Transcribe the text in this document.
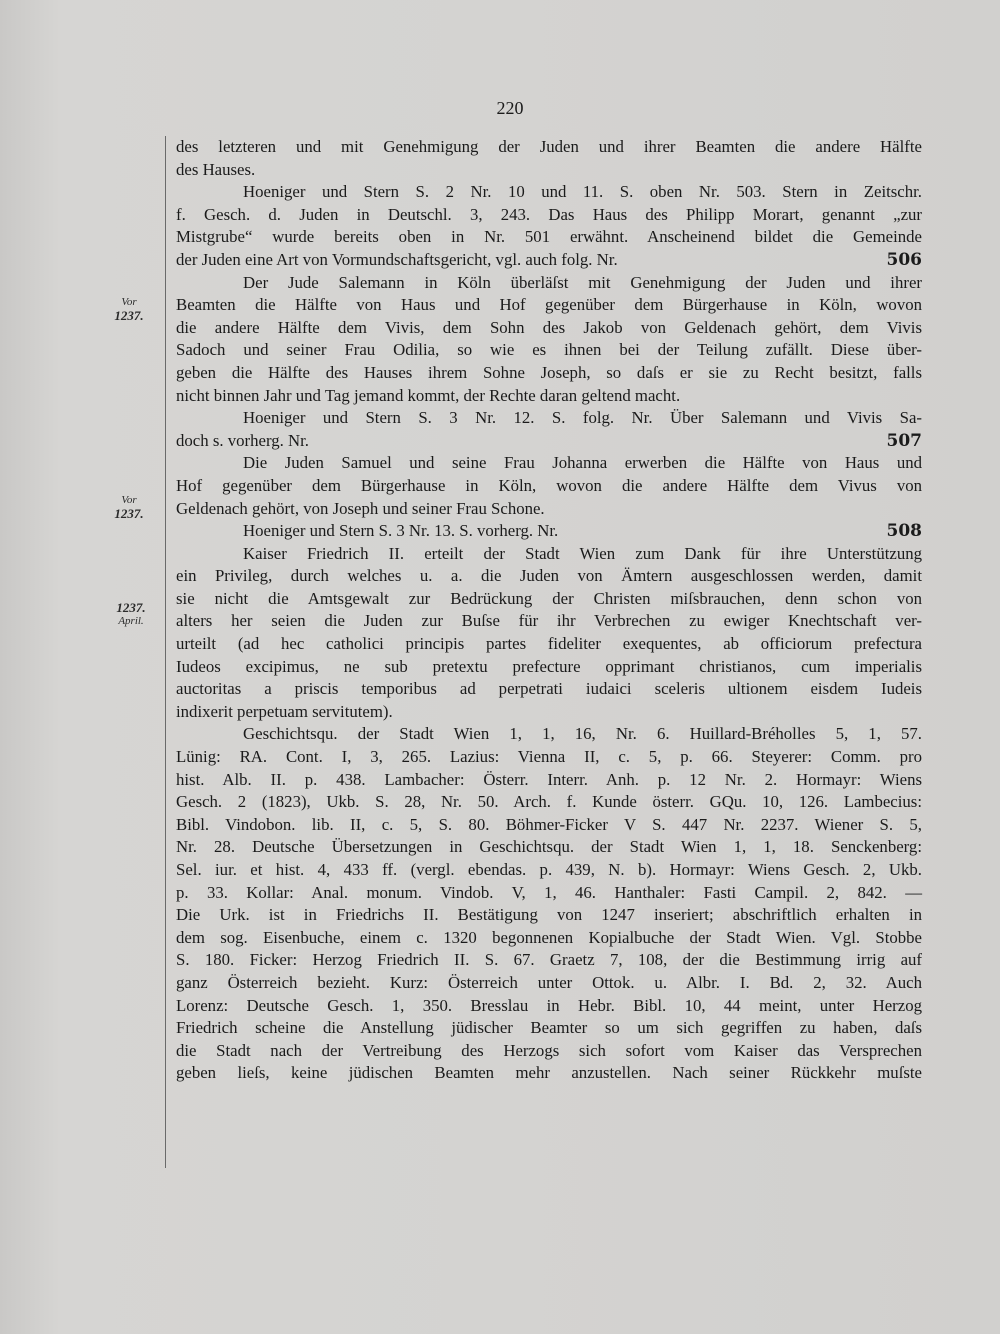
220
Vor
1237.
Vor
1237.
1237.
April.
des letzteren und mit Genehmigung der Juden und ihrer Beamten die andere Hälfte
des Hauses.
Hoeniger und Stern S. 2 Nr. 10 und 11. S. oben Nr. 503. Stern in Zeitschr.
f. Gesch. d. Juden in Deutschl. 3, 243. Das Haus des Philipp Morart, genannt „zur
Mistgrube“ wurde bereits oben in Nr. 501 erwähnt. Anscheinend bildet die Gemeinde
der Juden eine Art von Vormundschaftsgericht, vgl. auch folg. Nr.	506
Der Jude Salemann in Köln überläſst mit Genehmigung der Juden und ihrer
Beamten die Hälfte von Haus und Hof gegenüber dem Bürgerhause in Köln, wovon
die andere Hälfte dem Vivis, dem Sohn des Jakob von Geldenach gehört, dem Vivis
Sadoch und seiner Frau Odilia, so wie es ihnen bei der Teilung zufällt. Diese über-
geben die Hälfte des Hauses ihrem Sohne Joseph, so daſs er sie zu Recht besitzt, falls
nicht binnen Jahr und Tag jemand kommt, der Rechte daran geltend macht.
Hoeniger und Stern S. 3 Nr. 12. S. folg. Nr. Über Salemann und Vivis Sa-
doch s. vorherg. Nr.	507
Die Juden Samuel und seine Frau Johanna erwerben die Hälfte von Haus und
Hof gegenüber dem Bürgerhause in Köln, wovon die andere Hälfte dem Vivus von
Geldenach gehört, von Joseph und seiner Frau Schone.
Hoeniger und Stern S. 3 Nr. 13. S. vorherg. Nr.	508
Kaiser Friedrich II. erteilt der Stadt Wien zum Dank für ihre Unterstützung
ein Privileg, durch welches u. a. die Juden von Ämtern ausgeschlossen werden, damit
sie nicht die Amtsgewalt zur Bedrückung der Christen miſsbrauchen, denn schon von
alters her seien die Juden zur Buſse für ihr Verbrechen zu ewiger Knechtschaft ver-
urteilt (ad hec catholici principis partes fideliter exequentes, ab officiorum prefectura
Iudeos excipimus, ne sub pretextu prefecture opprimant christianos, cum imperialis
auctoritas a priscis temporibus ad perpetrati iudaici sceleris ultionem eisdem Iudeis
indixerit perpetuam servitutem).
Geschichtsqu. der Stadt Wien 1, 1, 16, Nr. 6. Huillard-Bréholles 5, 1, 57.
Lünig: RA. Cont. I, 3, 265. Lazius: Vienna II, c. 5, p. 66. Steyerer: Comm. pro
hist. Alb. II. p. 438. Lambacher: Österr. Interr. Anh. p. 12 Nr. 2. Hormayr: Wiens
Gesch. 2 (1823), Ukb. S. 28, Nr. 50. Arch. f. Kunde österr. GQu. 10, 126. Lambecius:
Bibl. Vindobon. lib. II, c. 5, S. 80. Böhmer-Ficker V S. 447 Nr. 2237. Wiener S. 5,
Nr. 28. Deutsche Übersetzungen in Geschichtsqu. der Stadt Wien 1, 1, 18. Senckenberg:
Sel. iur. et hist. 4, 433 ff. (vergl. ebendas. p. 439, N. b). Hormayr: Wiens Gesch. 2, Ukb.
p. 33. Kollar: Anal. monum. Vindob. V, 1, 46. Hanthaler: Fasti Campil. 2, 842. —
Die Urk. ist in Friedrichs II. Bestätigung von 1247 inseriert; abschriftlich erhalten in
dem sog. Eisenbuche, einem c. 1320 begonnenen Kopialbuche der Stadt Wien. Vgl. Stobbe
S. 180. Ficker: Herzog Friedrich II. S. 67. Graetz 7, 108, der die Bestimmung irrig auf
ganz Österreich bezieht. Kurz: Österreich unter Ottok. u. Albr. I. Bd. 2, 32. Auch
Lorenz: Deutsche Gesch. 1, 350. Bresslau in Hebr. Bibl. 10, 44 meint, unter Herzog
Friedrich scheine die Anstellung jüdischer Beamter so um sich gegriffen zu haben, daſs
die Stadt nach der Vertreibung des Herzogs sich sofort vom Kaiser das Versprechen
geben lieſs, keine jüdischen Beamten mehr anzustellen. Nach seiner Rückkehr muſste
